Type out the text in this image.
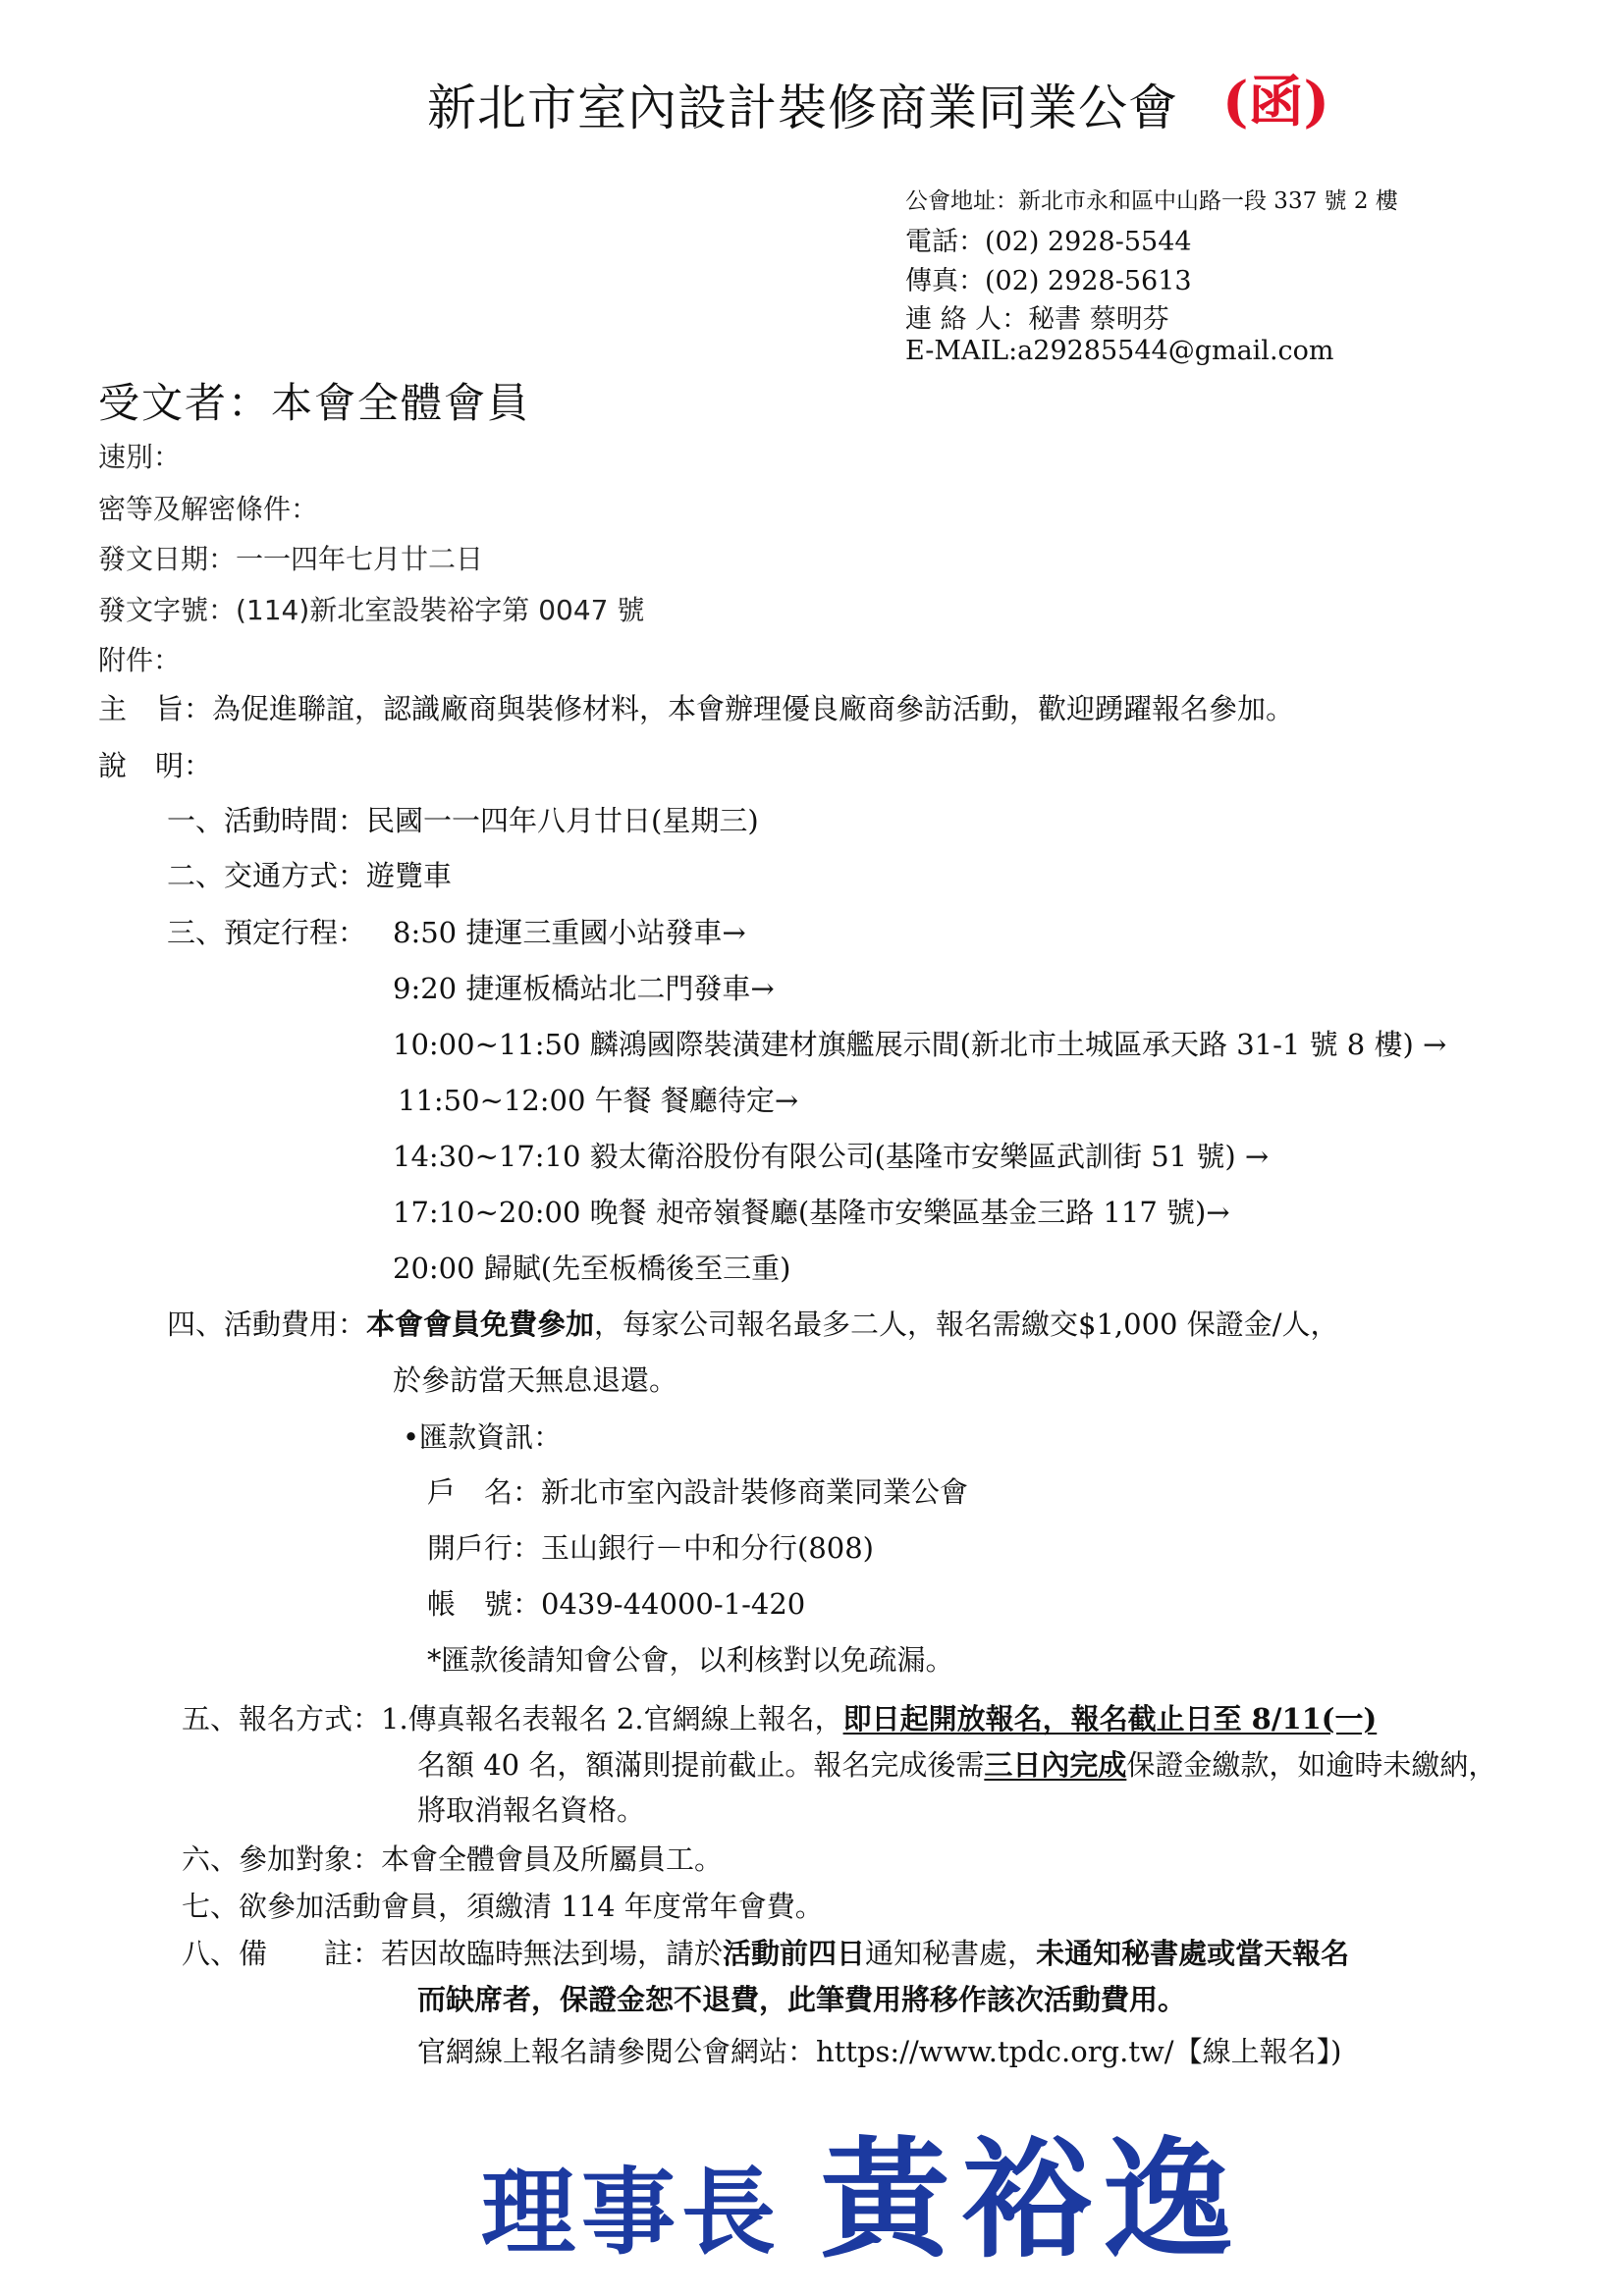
新北市室內設計裝修商業同業公會 (函)
公會地址：新北市永和區中山路一段 337 號 2 樓
電話：(02) 2928-5544
傳真：(02) 2928-5613
連 絡 人：秘書 蔡明芬
E-MAIL:a29285544@gmail.com
受文者：本會全體會員
速別：
密等及解密條件：
發文日期：一一四年七月廿二日
發文字號：(114)新北室設裝裕字第 0047 號
附件：
主　旨：為促進聯誼，認識廠商與裝修材料，本會辦理優良廠商參訪活動，歡迎踴躍報名參加。
說　明：
一、活動時間：民國一一四年八月廿日(星期三)
二、交通方式：遊覽車
三、預定行程： 8:50 捷運三重國小站發車→
9:20 捷運板橋站北二門發車→
10:00~11:50 麟鴻國際裝潢建材旗艦展示間(新北市土城區承天路 31-1 號 8 樓) →
11:50~12:00 午餐 餐廳待定→
14:30~17:10 毅太衛浴股份有限公司(基隆市安樂區武訓街 51 號) →
17:10~20:00 晚餐 昶帝嶺餐廳(基隆市安樂區基金三路 117 號)→
20:00 歸賦(先至板橋後至三重)
四、活動費用：本會會員免費參加，每家公司報名最多二人，報名需繳交$1,000 保證金/人，
於參訪當天無息退還。
•匯款資訊：
戶　名：新北市室內設計裝修商業同業公會
開戶行：玉山銀行－中和分行(808)
帳　號：0439-44000-1-420
*匯款後請知會公會，以利核對以免疏漏。
五、報名方式：1.傳真報名表報名 2.官網線上報名，即日起開放報名，報名截止日至 8/11(一)
名額 40 名，額滿則提前截止。報名完成後需三日內完成保證金繳款，如逾時未繳納，
將取消報名資格。
六、參加對象：本會全體會員及所屬員工。
七、欲參加活動會員，須繳清 114 年度常年會費。
八、備　　註：若因故臨時無法到場，請於活動前四日通知秘書處，未通知秘書處或當天報名
而缺席者，保證金恕不退費，此筆費用將移作該次活動費用。
官網線上報名請參閱公會網站：https://www.tpdc.org.tw/【線上報名】)
理事長 黃裕逸
